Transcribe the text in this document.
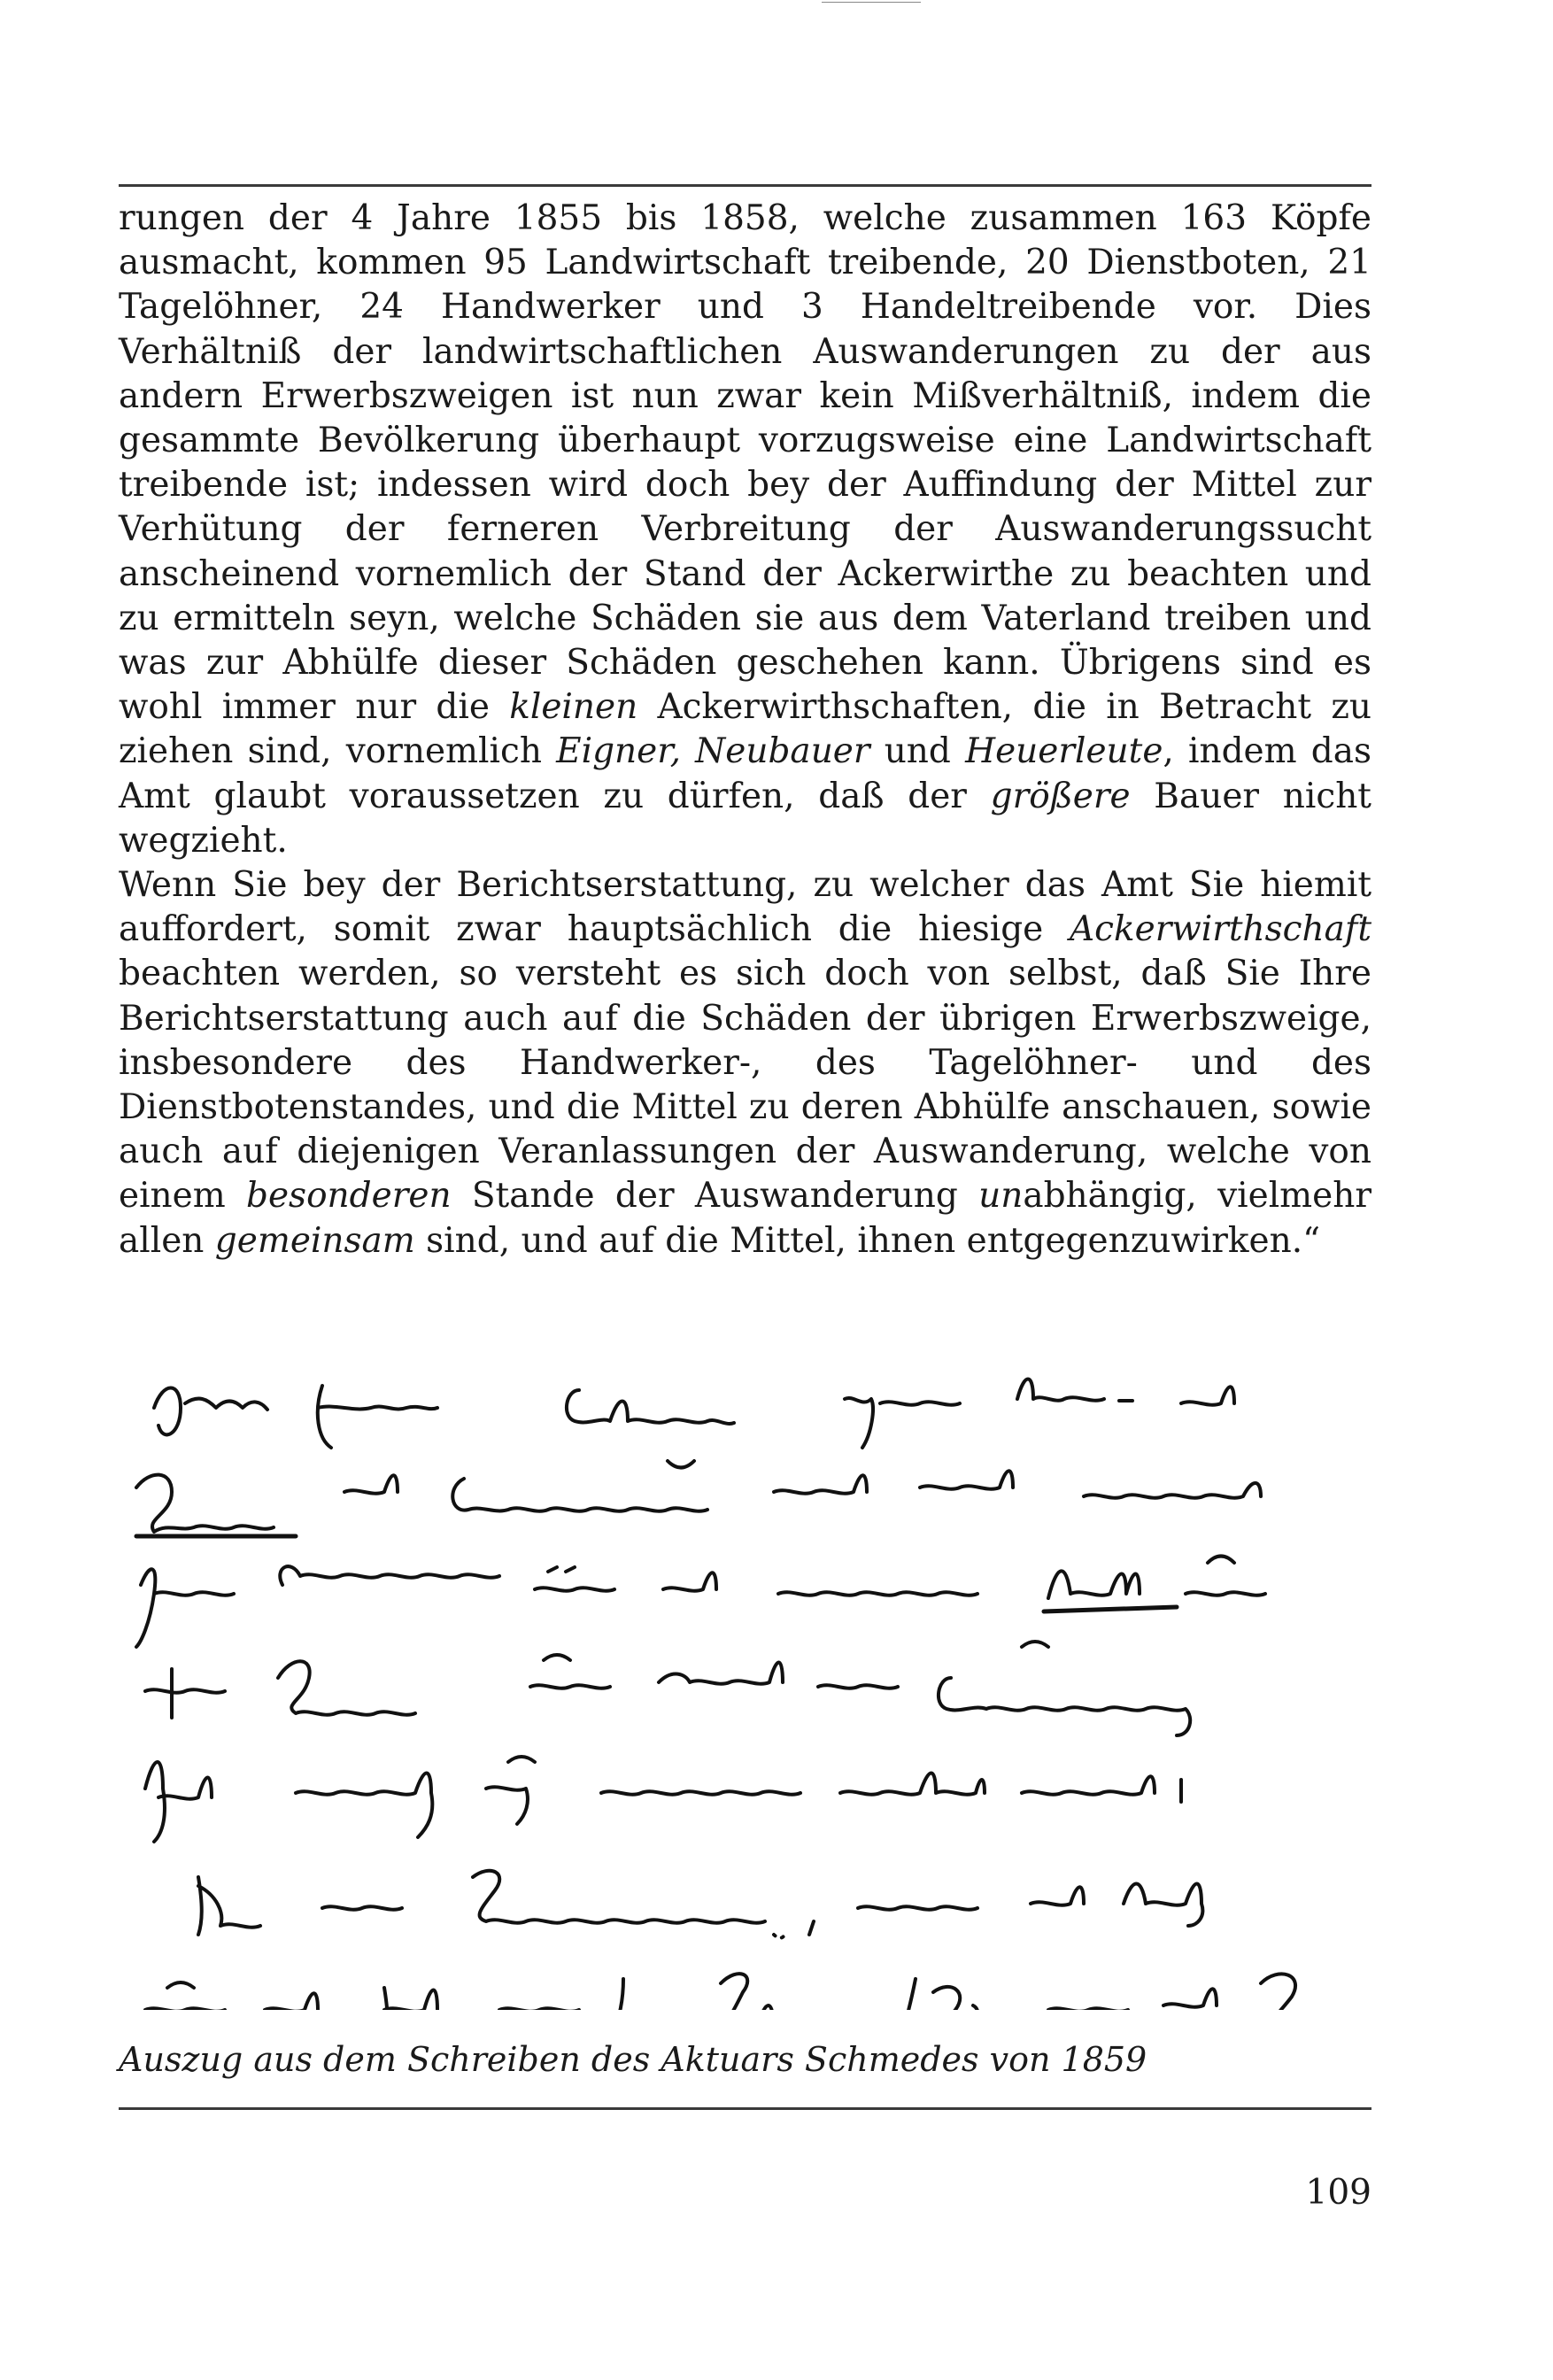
rungen der 4 Jahre 1855 bis 1858, welche zusammen 163 Köpfe ausmacht, kommen 95 Landwirtschaft treibende, 20 Dienstboten, 21 Tagelöhner, 24 Handwerker und 3 Handeltreibende vor. Dies Verhältniß der landwirtschaftlichen Auswanderungen zu der aus andern Erwerbszweigen ist nun zwar kein Mißverhältniß, indem die gesammte Bevölkerung überhaupt vorzugsweise eine Landwirtschaft treibende ist; indessen wird doch bey der Auffindung der Mittel zur Verhütung der ferneren Verbreitung der Auswanderungssucht anscheinend vornemlich der Stand der Ackerwirthe zu beachten und zu ermitteln seyn, welche Schäden sie aus dem Vaterland treiben und was zur Abhülfe dieser Schäden geschehen kann. Übrigens sind es wohl immer nur die kleinen Ackerwirthschaften, die in Betracht zu ziehen sind, vornemlich Eigner, Neubauer und Heuerleute, indem das Amt glaubt voraussetzen zu dürfen, daß der größere Bauer nicht wegzieht.

Wenn Sie bey der Berichtserstattung, zu welcher das Amt Sie hiemit auffordert, somit zwar hauptsächlich die hiesige Ackerwirthschaft beachten werden, so versteht es sich doch von selbst, daß Sie Ihre Berichtserstattung auch auf die Schäden der übrigen Erwerbszweige, insbesondere des Handwerker-, des Tagelöhner- und des Dienstbotenstandes, und die Mittel zu deren Abhülfe anschauen, sowie auch auf diejenigen Veranlassungen der Auswanderung, welche von einem besonderen Stande der Auswanderung unabhängig, vielmehr allen gemeinsam sind, und auf die Mittel, ihnen entgegenzuwirken.“

Auszug aus dem Schreiben des Aktuars Schmedes von 1859
109
